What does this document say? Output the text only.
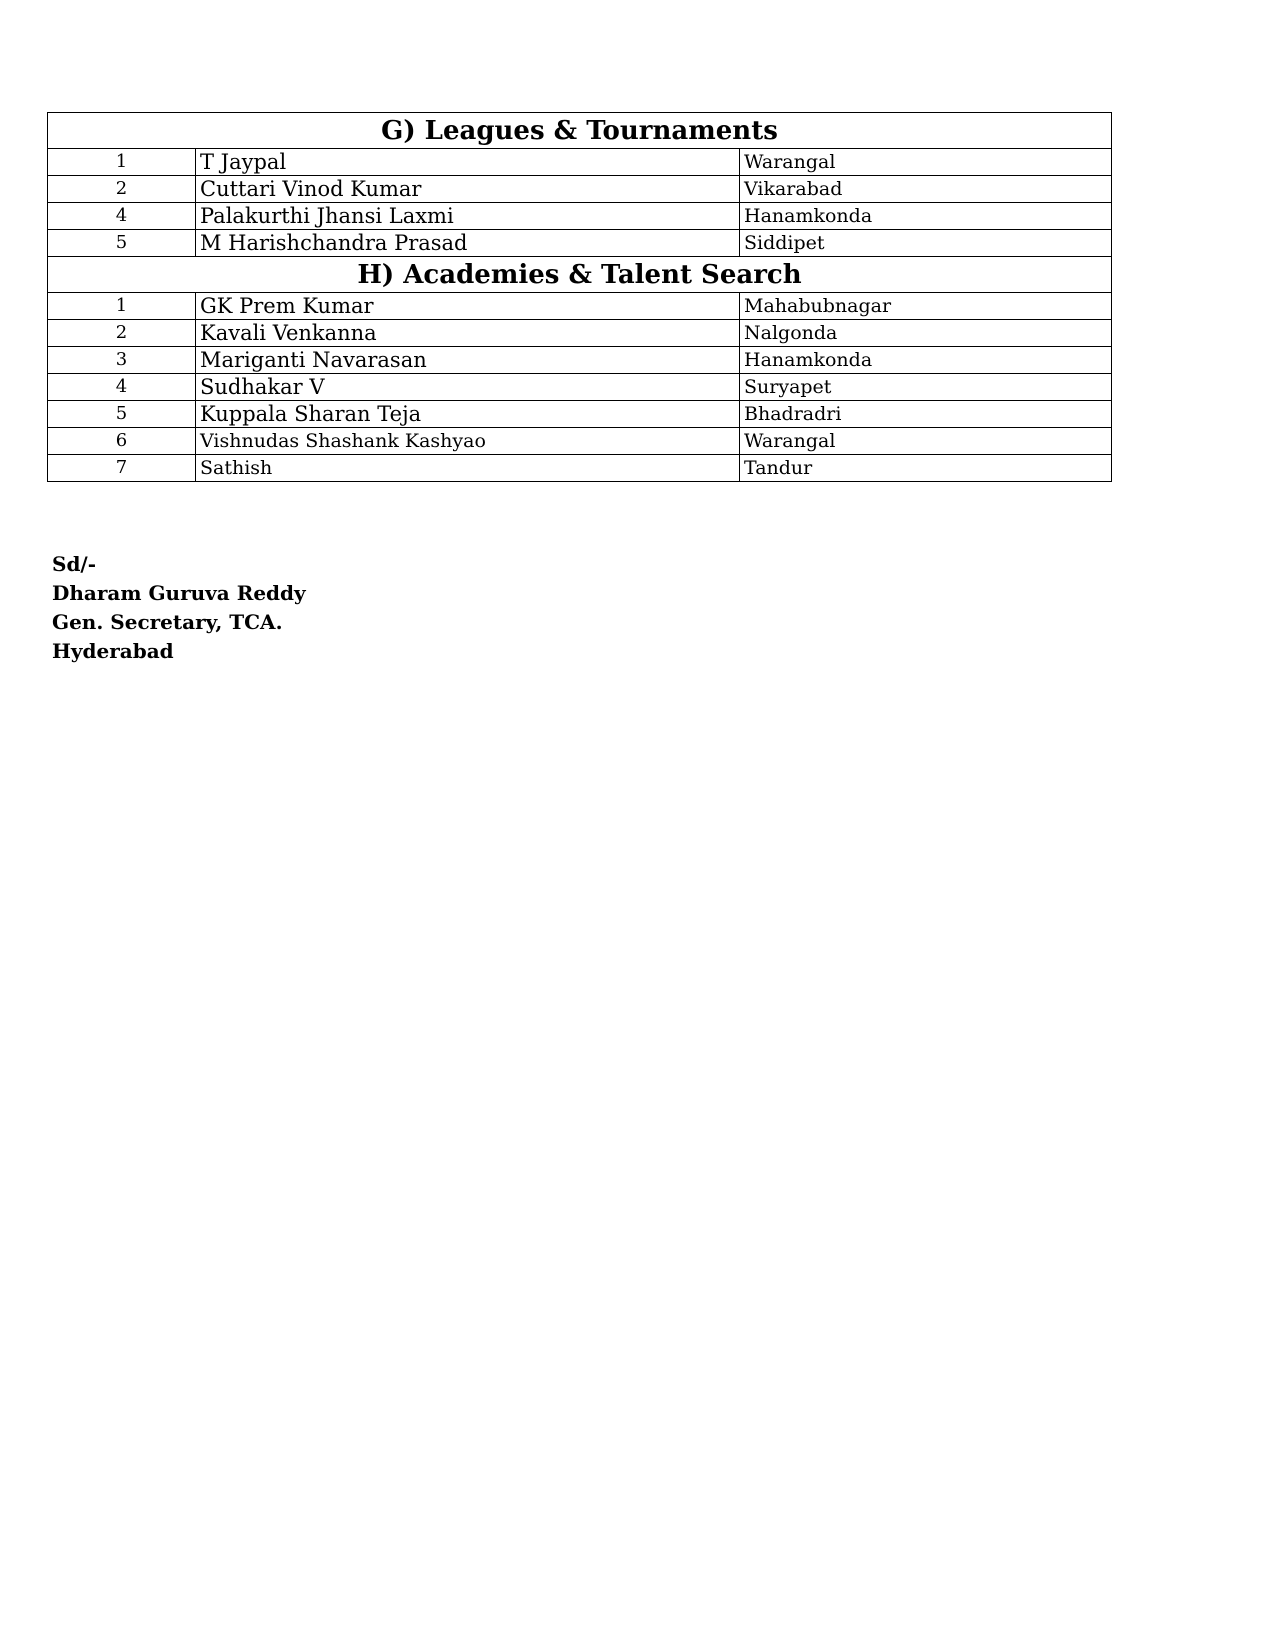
G) Leagues & Tournaments		
1	T Jaypal	Warangal
2	Cuttari Vinod Kumar	Vikarabad
4	Palakurthi Jhansi Laxmi	Hanamkonda
5	M Harishchandra Prasad	Siddipet
H) Academies & Talent Search		
1	GK Prem Kumar	Mahabubnagar
2	Kavali Venkanna	Nalgonda
3	Mariganti Navarasan	Hanamkonda
4	Sudhakar V	Suryapet
5	Kuppala Sharan Teja	Bhadradri
6	Vishnudas Shashank Kashyao	Warangal
7	Sathish	Tandur
Sd/-
Dharam Guruva Reddy
Gen. Secretary, TCA.
Hyderabad
